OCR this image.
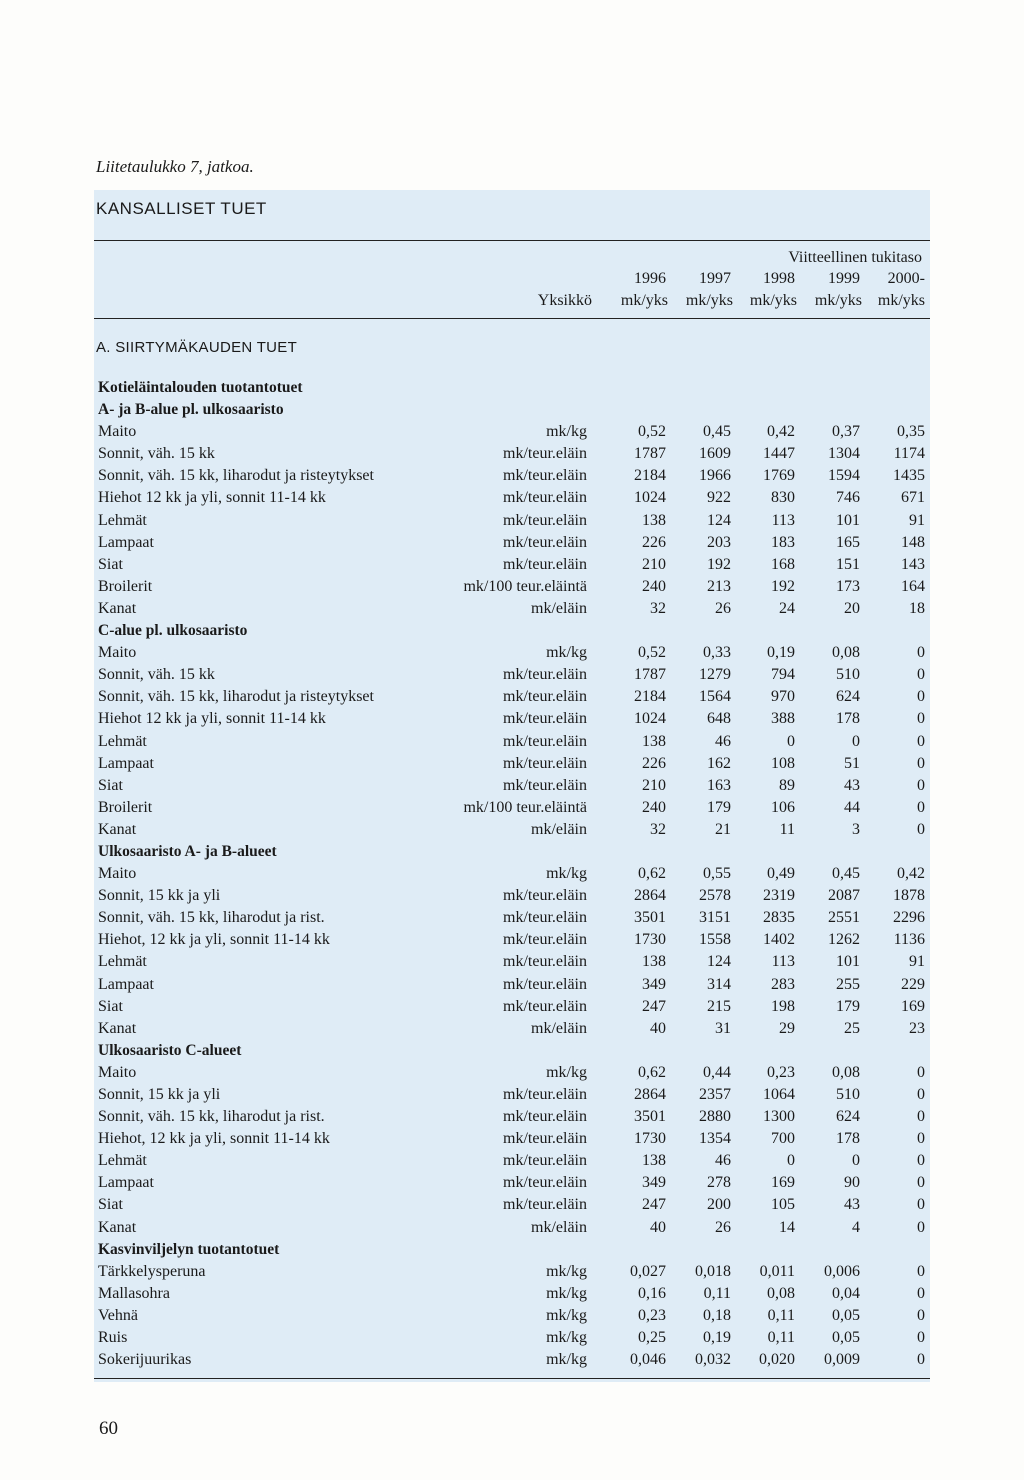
Liitetaulukko 7, jatkoa.
KANSALLISET TUET
Viitteellinen tukitaso
1996 1997 1998 1999 2000-
Yksikkö mk/yks mk/yks mk/yks mk/yks mk/yks
A. SIIRTYMÄKAUDEN TUET
Kotieläintalouden tuotantotuet
A- ja B-alue pl. ulkosaaristo
Maito	mk/kg	0,52 0,45 0,42 0,37 0,35
Sonnit, väh. 15 kk	mk/teur.eläin	1787 1609 1447 1304 1174
Sonnit, väh. 15 kk, liharodut ja risteytykset	mk/teur.eläin	2184 1966 1769 1594 1435
Hiehot 12 kk ja yli, sonnit 11-14 kk	mk/teur.eläin	1024	922	830	746	671
Lehmät	mk/teur.eläin	138	124	113	101	91
Lampaat	mk/teur.eläin	226	203	183	165	148
Siat	mk/teur.eläin	210	192	168	151	143
Broilerit	mk/100 teur.eläintä	240	213	192	173	164
Kanat	mk/eläin	32	26	24	20	18
C-alue pl. ulkosaaristo
Maito	mk/kg	0,52 0,33 0,19 0,08	0
Sonnit, väh. 15 kk	mk/teur.eläin	1787 1279	794	510	0
Sonnit, väh. 15 kk, liharodut ja risteytykset	mk/teur.eläin	2184 1564	970	624	0
Hiehot 12 kk ja yli, sonnit 11-14 kk	mk/teur.eläin	1024	648	388	178	0
Lehmät	mk/teur.eläin	138	46	0	0	0
Lampaat	mk/teur.eläin	226	162	108	51	0
Siat	mk/teur.eläin	210	163	89	43	0
Broilerit	mk/100 teur.eläintä	240	179	106	44	0
Kanat	mk/eläin	32	21	11	3	0
Ulkosaaristo A- ja B-alueet
Maito	mk/kg	0,62 0,55 0,49 0,45 0,42
Sonnit, 15 kk ja yli	mk/teur.eläin	2864 2578 2319 2087 1878
Sonnit, väh. 15 kk, liharodut ja rist.	mk/teur.eläin	3501 3151 2835 2551 2296
Hiehot, 12 kk ja yli, sonnit 11-14 kk	mk/teur.eläin	1730 1558 1402 1262 1136
Lehmät	mk/teur.eläin	138	124	113	101	91
Lampaat	mk/teur.eläin	349	314	283	255	229
Siat	mk/teur.eläin	247	215	198	179	169
Kanat	mk/eläin	40	31	29	25	23
Ulkosaaristo C-alueet
Maito	mk/kg	0,62 0,44 0,23 0,08	0
Sonnit, 15 kk ja yli	mk/teur.eläin	2864 2357 1064	510	0
Sonnit, väh. 15 kk, liharodut ja rist.	mk/teur.eläin	3501 2880 1300	624	0
Hiehot, 12 kk ja yli, sonnit 11-14 kk	mk/teur.eläin	1730 1354	700	178	0
Lehmät	mk/teur.eläin	138	46	0	0	0
Lampaat	mk/teur.eläin	349	278	169	90	0
Siat	mk/teur.eläin	247	200	105	43	0
Kanat	mk/eläin	40	26	14	4	0
Kasvinviljelyn tuotantotuet
Tärkkelysperuna	mk/kg	0,027 0,018 0,011 0,006	0
Mallasohra	mk/kg	0,16 0,11 0,08 0,04	0
Vehnä	mk/kg	0,23 0,18 0,11 0,05	0
Ruis	mk/kg	0,25 0,19 0,11 0,05	0
Sokerijuurikas	mk/kg	0,046 0,032 0,020 0,009	0
60
